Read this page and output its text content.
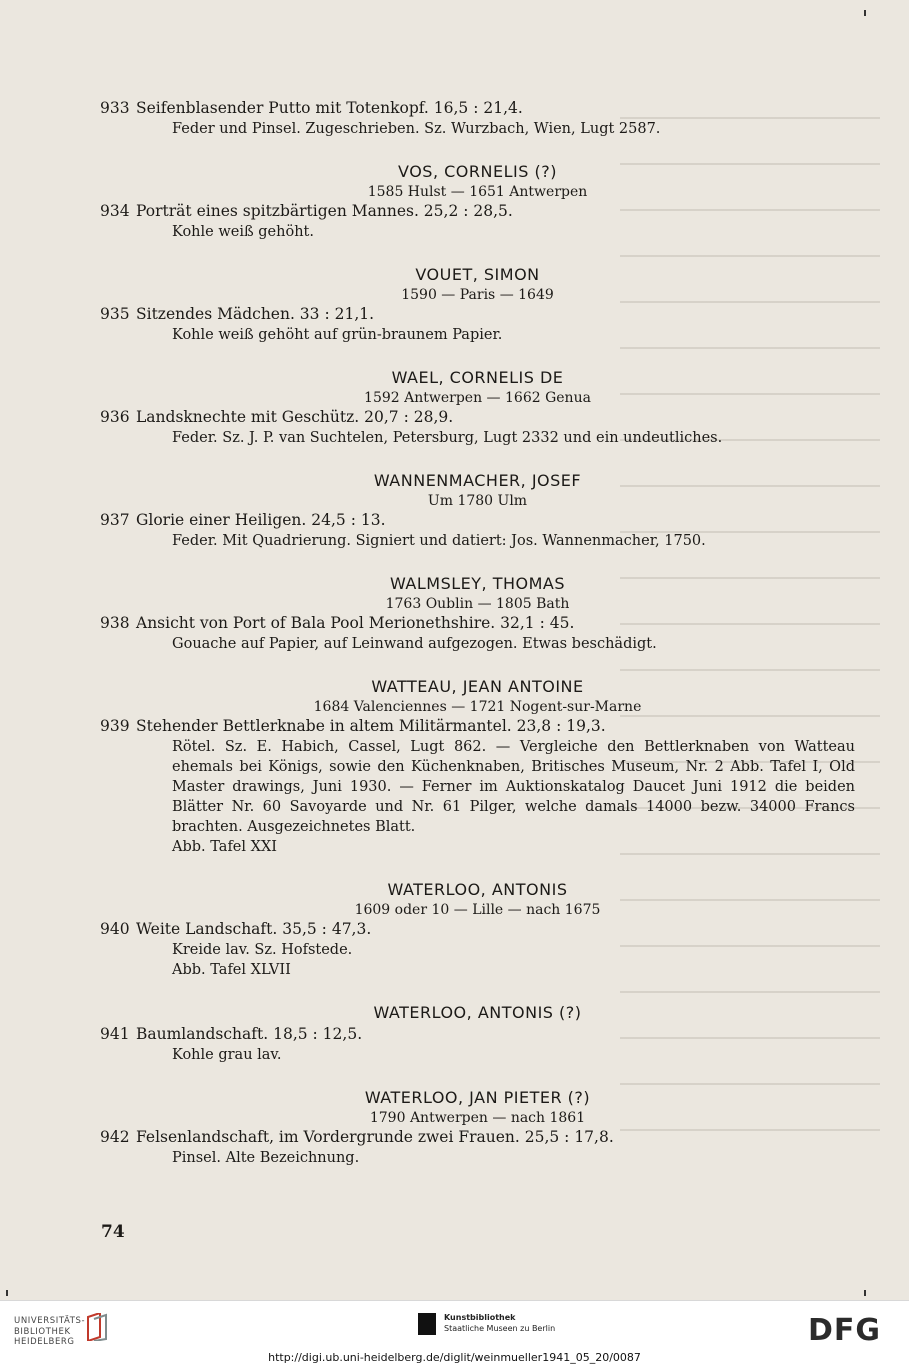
933 Seifenblasender Putto mit Totenkopf. 16,5 : 21,4.
Feder und Pinsel. Zugeschrieben. Sz. Wurzbach, Wien, Lugt 2587.
VOS, CORNELIS (?)
1585 Hulst — 1651 Antwerpen
934 Porträt eines spitzbärtigen Mannes. 25,2 : 28,5.
Kohle weiß gehöht.
VOUET, SIMON
1590 — Paris — 1649
935 Sitzendes Mädchen. 33 : 21,1.
Kohle weiß gehöht auf grün-braunem Papier.
WAEL, CORNELIS DE
1592 Antwerpen — 1662 Genua
936 Landsknechte mit Geschütz. 20,7 : 28,9.
Feder. Sz. J. P. van Suchtelen, Petersburg, Lugt 2332 und ein undeutliches.
WANNENMACHER, JOSEF
Um 1780 Ulm
937 Glorie einer Heiligen. 24,5 : 13.
Feder. Mit Quadrierung. Signiert und datiert: Jos. Wannenmacher, 1750.
WALMSLEY, THOMAS
1763 Oublin — 1805 Bath
938 Ansicht von Port of Bala Pool Merionethshire. 32,1 : 45.
Gouache auf Papier, auf Leinwand aufgezogen. Etwas beschädigt.
WATTEAU, JEAN ANTOINE
1684 Valenciennes — 1721 Nogent-sur-Marne
939 Stehender Bettlerknabe in altem Militärmantel. 23,8 : 19,3.
Rötel. Sz. E. Habich, Cassel, Lugt 862. — Vergleiche den Bettlerknaben von Watteau ehemals bei Königs, sowie den Küchenknaben, Britisches Museum, Nr. 2 Abb. Tafel I, Old Master drawings, Juni 1930. — Ferner im Auktionskatalog Daucet Juni 1912 die beiden Blätter Nr. 60 Savoyarde und Nr. 61 Pilger, welche damals 14000 bezw. 34000 Francs brachten. Ausgezeichnetes Blatt.
Abb. Tafel XXI
WATERLOO, ANTONIS
1609 oder 10 — Lille — nach 1675
940 Weite Landschaft. 35,5 : 47,3.
Kreide lav. Sz. Hofstede.
Abb. Tafel XLVII
WATERLOO, ANTONIS (?)
941 Baumlandschaft. 18,5 : 12,5.
Kohle grau lav.
WATERLOO, JAN PIETER (?)
1790 Antwerpen — nach 1861
942 Felsenlandschaft, im Vordergrunde zwei Frauen. 25,5 : 17,8.
Pinsel. Alte Bezeichnung.
74
UNIVERSITÄTS-
BIBLIOTHEK
HEIDELBERG
Kunstbibliothek
Staatliche Museen zu Berlin	DFG
http://digi.ub.uni-heidelberg.de/diglit/weinmueller1941_05_20/0087
